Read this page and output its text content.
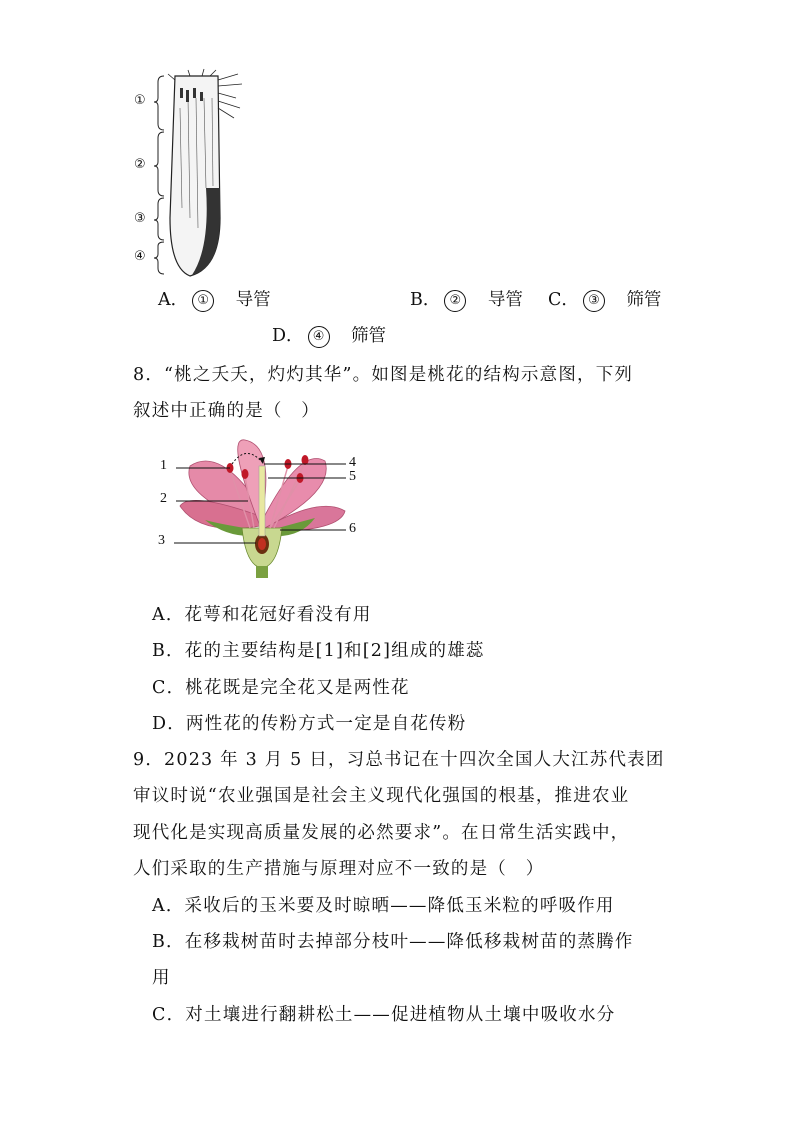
①
②
③
④
A． ①　 导管	B． ②　 导管 C． ③　 筛管
D． ④　 筛管
8．“桃之夭夭，灼灼其华”。如图是桃花的结构示意图，下列
叙述中正确的是（　）
1
2
3
4
5
6
A．花萼和花冠好看没有用
B．花的主要结构是[1]和[2]组成的雄蕊
C．桃花既是完全花又是两性花
D．两性花的传粉方式一定是自花传粉
9．2023 年 3 月 5 日，习总书记在十四次全国人大江苏代表团
审议时说“农业强国是社会主义现代化强国的根基，推进农业
现代化是实现高质量发展的必然要求”。在日常生活实践中，
人们采取的生产措施与原理对应不一致的是（　）
A．采收后的玉米要及时晾晒——降低玉米粒的呼吸作用
B．在移栽树苗时去掉部分枝叶——降低移栽树苗的蒸腾作
用
C．对土壤进行翻耕松土——促进植物从土壤中吸收水分
